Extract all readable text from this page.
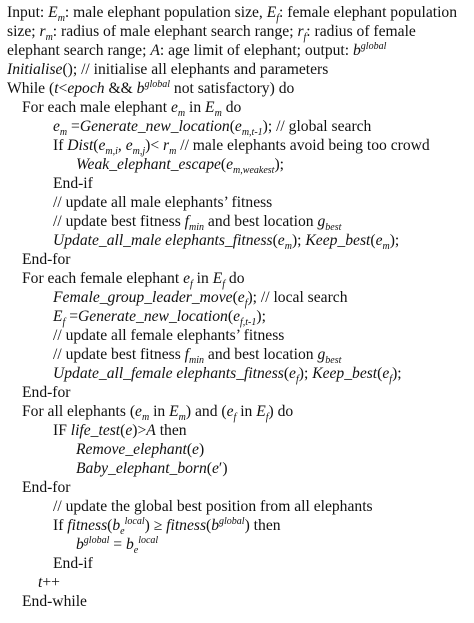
Input: $E_m$: male elephant population size, $E_f$: female elephant population size; $r_m$: radius of male elephant search range; $r_f$: radius of female elephant search range; A: age limit of elephant; output: $b^{global}$
Initialise(); // initialise all elephants and parameters
While (t<epoch && $b^{global}$ not satisfactory) do
For each male elephant $e_m$ in $E_m$ do
$e_m$ $=Generate\_new\_location(e_{m,t-1})$; // global search
If $Dist(e_{m,i}$, $e_{m,j})< r_m$ // male elephants avoid being too crowd
$Weak\_elephant\_escape(e_{m,weakest})$;
End-if
// update all male elephants’ fitness
// update best fitness $f_{min}$ and best location $g_{best}$
Update_all_male $elephants\_fitness(e_m)$; $Keep\_best(e_m)$;
End-for
For each female elephant $e_f$ in $E_f$ do
$Female\_group\_leader\_move(e_f)$; // local search
$E_f$ $=Generate\_new\_location(e_{f,t-1})$;
// update all female elephants’ fitness
// update best fitness $f_{min}$ and best location $g_{best}$
Update_all_female $elephants\_fitness(e_f)$; $Keep\_best(e_f)$;
End-for
For all elephants ($e_m$ in $E_m$) and ($e_f$ in $E_f$) do
IF life_test(e)>A then
Remove_elephant(e)
Baby_elephant_born(e′)
End-for
// update the global best position from all elephants
If $fitness(b_e^{local})$ ≥ $fitness(b^{global})$ then
$b^{global} = b_e^{local}$
End-if
t++
End-while
